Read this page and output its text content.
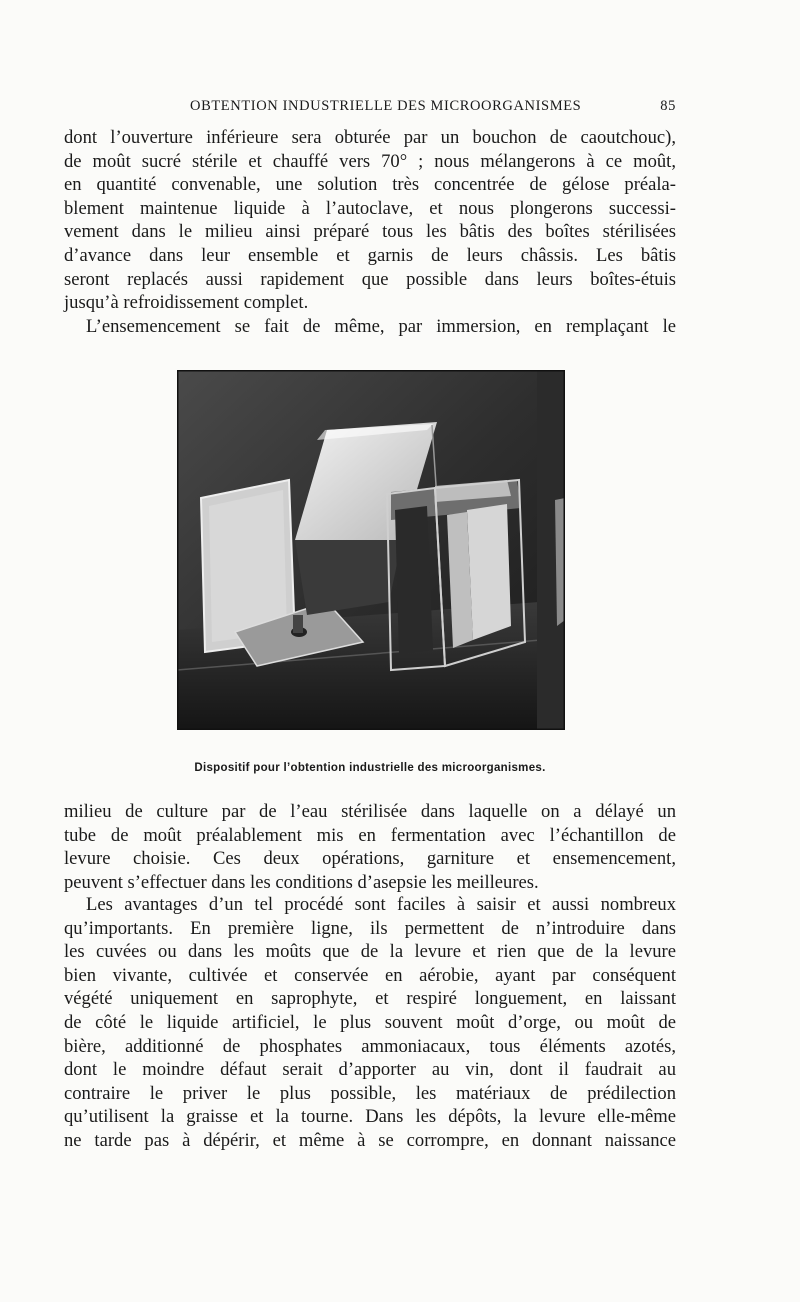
OBTENTION INDUSTRIELLE DES MICROORGANISMES	85
dont l’ouverture inférieure sera obturée par un bouchon de caoutchouc),
de moût sucré stérile et chauffé vers 70° ; nous mélangerons à ce moût,
en quantité convenable, une solution très concentrée de gélose préala-
blement maintenue liquide à l’autoclave, et nous plongerons successi-
vement dans le milieu ainsi préparé tous les bâtis des boîtes stérilisées
d’avance dans leur ensemble et garnis de leurs châssis. Les bâtis
seront replacés aussi rapidement que possible dans leurs boîtes-étuis
jusqu’à refroidissement complet.
L’ensemencement se fait de même, par immersion, en remplaçant le
Dispositif pour l’obtention industrielle des microorganismes.
milieu de culture par de l’eau stérilisée dans laquelle on a délayé un
tube de moût préalablement mis en fermentation avec l’échantillon de
levure choisie. Ces deux opérations, garniture et ensemencement,
peuvent s’effectuer dans les conditions d’asepsie les meilleures.
Les avantages d’un tel procédé sont faciles à saisir et aussi nombreux
qu’importants. En première ligne, ils permettent de n’introduire dans
les cuvées ou dans les moûts que de la levure et rien que de la levure
bien vivante, cultivée et conservée en aérobie, ayant par conséquent
végété uniquement en saprophyte, et respiré longuement, en laissant
de côté le liquide artificiel, le plus souvent moût d’orge, ou moût de
bière, additionné de phosphates ammoniacaux, tous éléments azotés,
dont le moindre défaut serait d’apporter au vin, dont il faudrait au
contraire le priver le plus possible, les matériaux de prédilection
qu’utilisent la graisse et la tourne. Dans les dépôts, la levure elle-même
ne tarde pas à dépérir, et même à se corrompre, en donnant naissance
